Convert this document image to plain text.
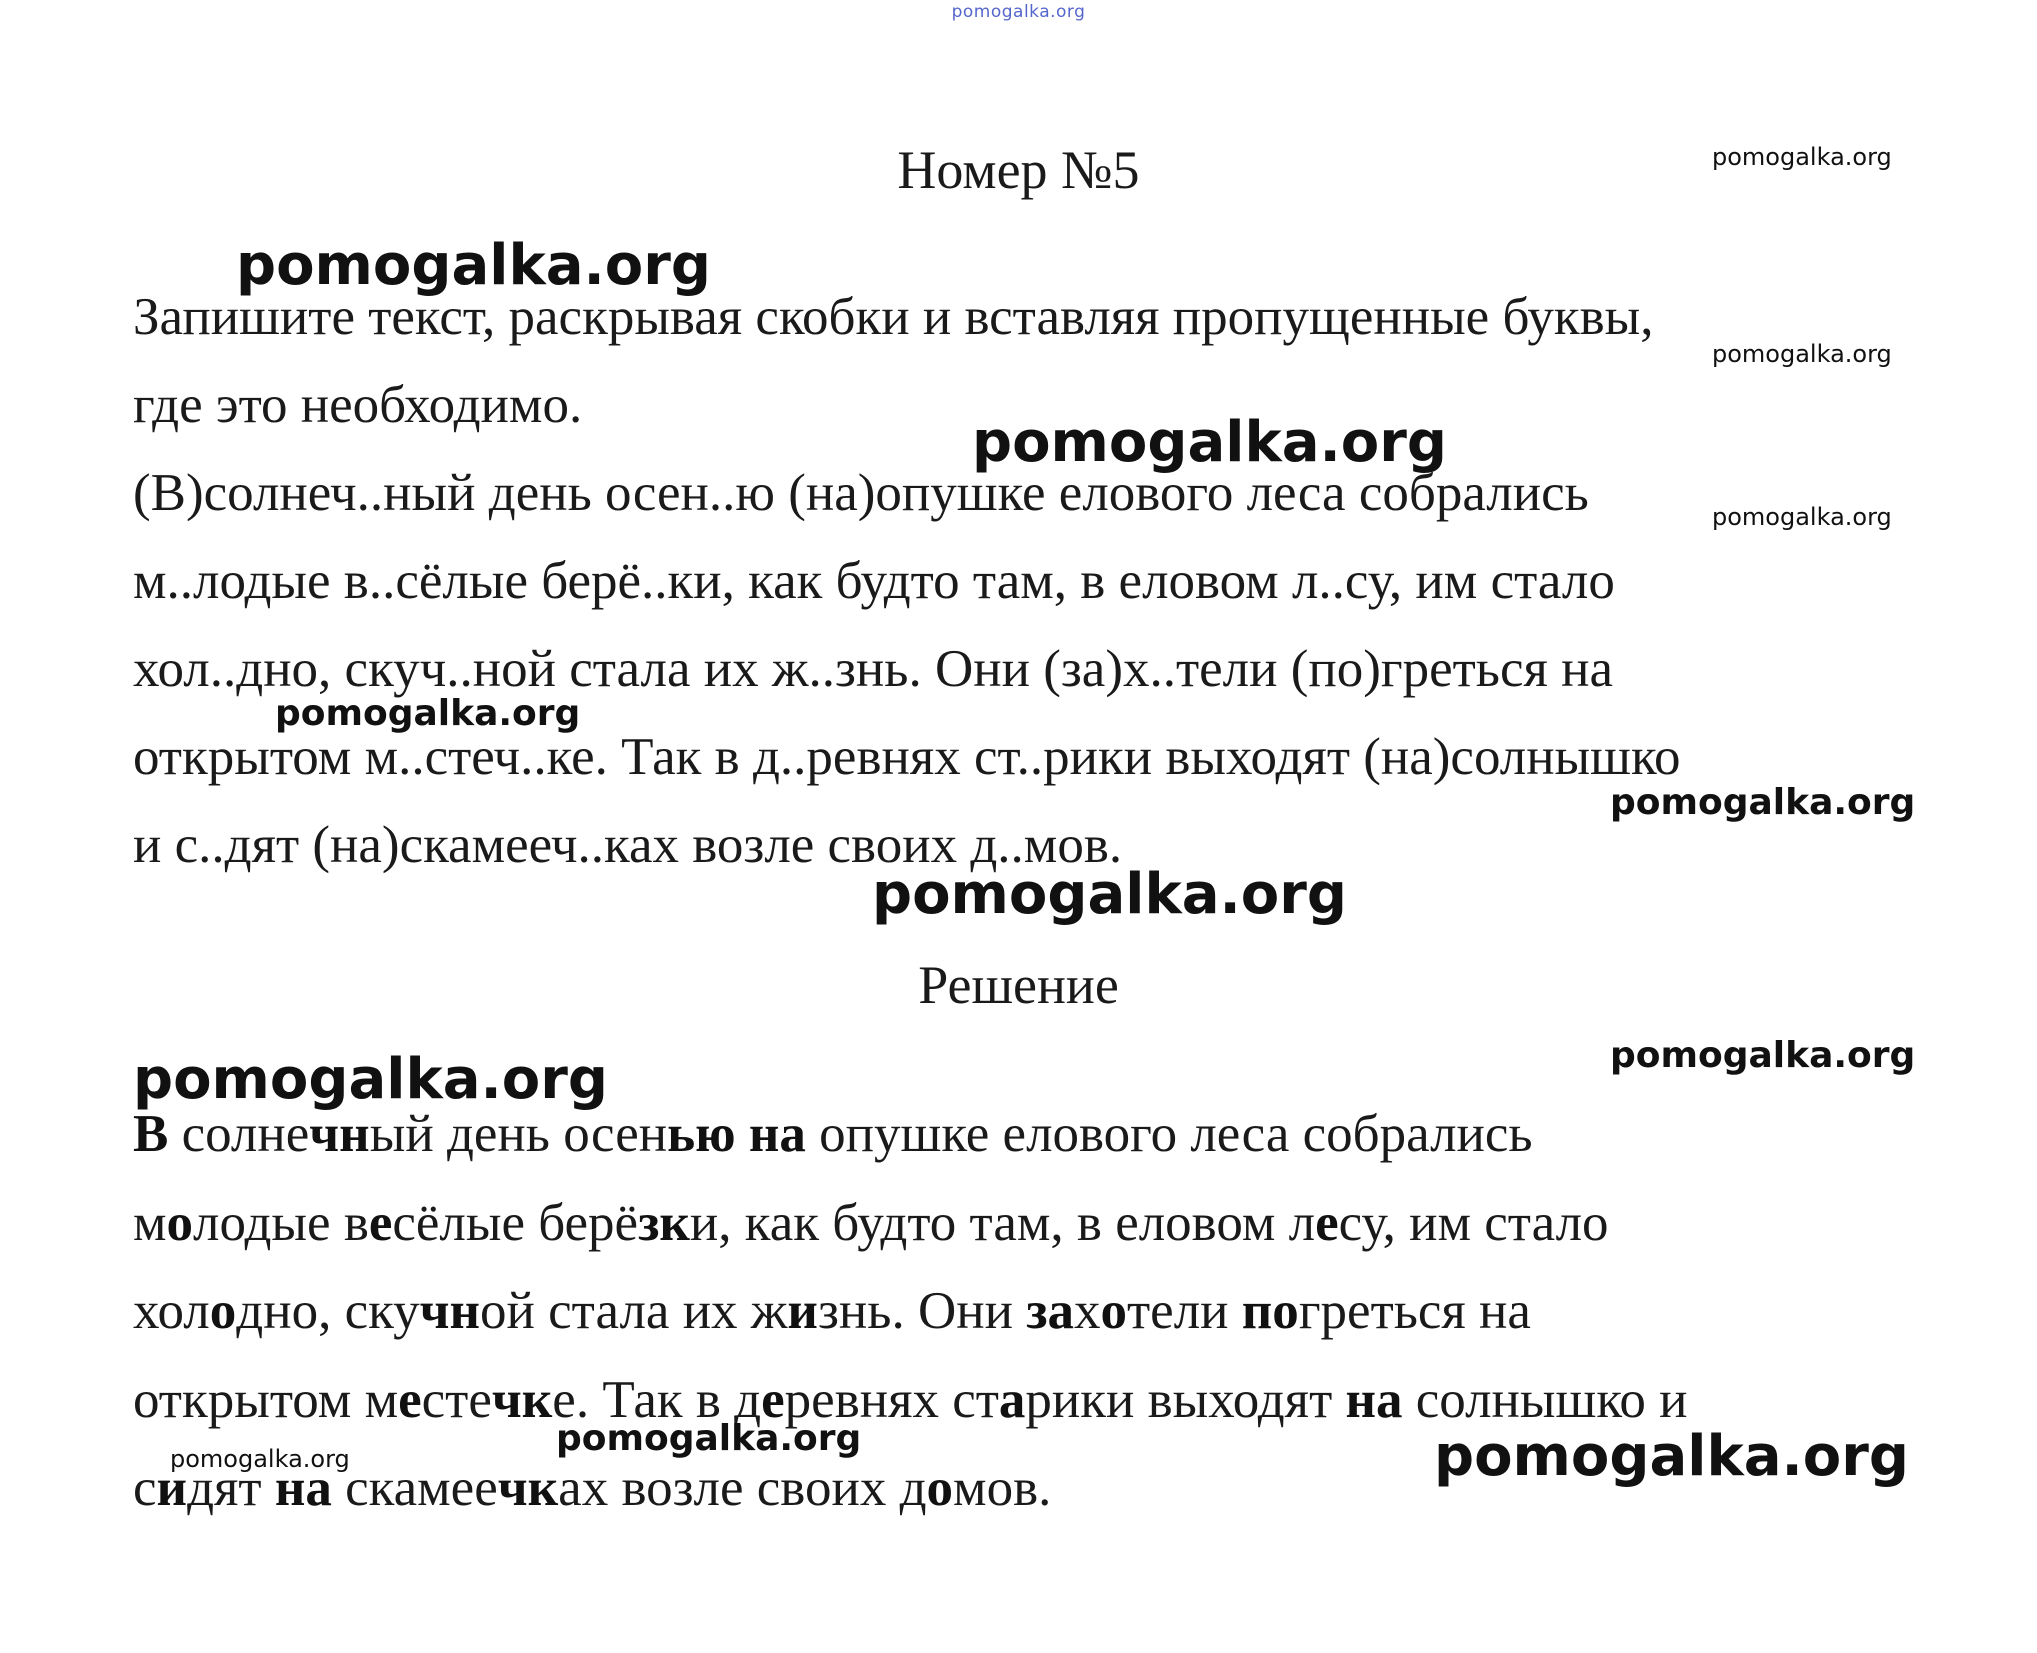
pomogalka.org
Номер №5
Запишите текст, раскрывая скобки и вставляя пропущенные буквы,
где это необходимо.
(В)солнеч..ный день осен..ю (на)опушке елового леса собрались
м..лодые в..сёлые берё..ки, как будто там, в еловом л..су, им стало
хол..дно, скуч..ной стала их ж..знь. Они (за)х..тели (по)греться на
открытом м..стеч..ке. Так в д..ревнях ст..рики выходят (на)солнышко
и с..дят (на)скамееч..ках возле своих д..мов.
Решение
В солнечный день осенью на опушке елового леса собрались
молодые весёлые берёзки, как будто там, в еловом лесу, им стало
холодно, скучной стала их жизнь. Они захотели погреться на
открытом местечке. Так в деревнях старики выходят на солнышко и
сидят на скамеечках возле своих домов.
pomogalka.org
pomogalka.org
pomogalka.org
pomogalka.org
pomogalka.org
pomogalka.org
pomogalka.org
pomogalka.org
pomogalka.org
pomogalka.org
pomogalka.org	pomogalka.org	pomogalka.org
